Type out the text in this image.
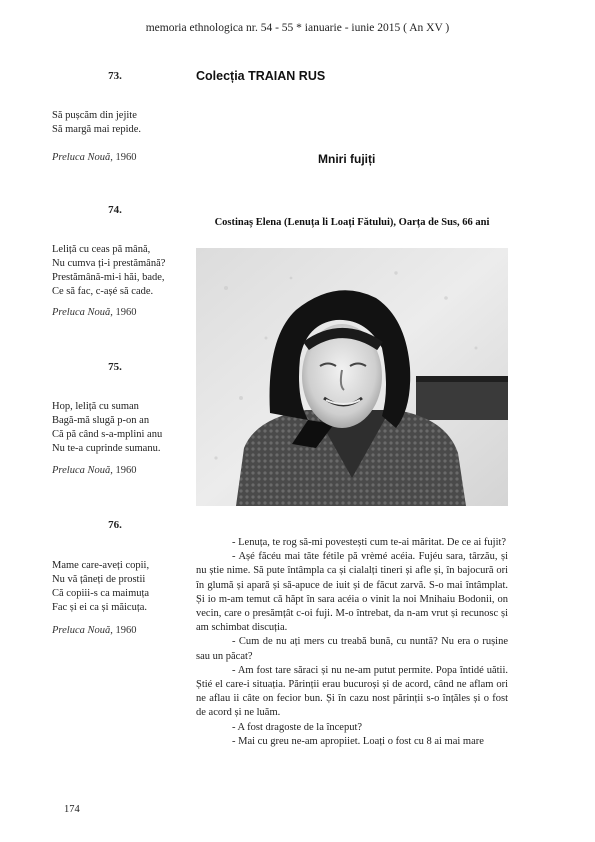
memoria ethnologica nr. 54 - 55 * ianuarie - iunie 2015 ( An XV )
73.	Colecția TRAIAN RUS
Să pușcăm din jejite
Să margă mai repide.
Preluca Nouă, 1960	Mniri fujiți
74.
Costinaș Elena (Lenuța li Loați Fătului), Oarța de Sus, 66 ani
Leliță cu ceas pă mână,
Nu cumva ți-i prestămână?
Prestămână-mi-i hăi, bade,
Ce să fac, c-așé să cade.
Preluca Nouă, 1960
75.
Hop, leliță cu suman
Bagă-mă slugă p-on an
Că pă când s-a-mplini anu
Nu te-a cuprinde sumanu.
Preluca Nouă, 1960
76.
Mame care-aveți copii,
Nu vă țâneți de prostii
Că copiii-s ca maimuța
Fac și ei ca și măicuța.
Preluca Nouă, 1960

- Lenuța, te rog să-mi povestești cum te-ai măritat. De ce ai fujit?

- Așé făcéu mai tăte fétile pă vrèmé acéia. Fujéu sara, târzău, și nu știe nime. Să pute întâmpla ca și cialalți tineri și afle și, în bajocură ori în glumă și apară și să-apuce de iuit și de făcut zarvă. S-o mai întâmplat. Și io m-am temut că hăpt în sara acéia o vinit la noi Mnihaiu Bodonii, on vecin, care o presămțât c-oi fuji. M-o întrebat, da n-am vrut și recunosc și am schimbat discuția.

- Cum de nu ați mers cu treabă bună, cu nuntă? Nu era o rușine sau un păcat?

- Am fost tare săraci și nu ne-am putut permite. Popa întidé uătii. Știé el care-i situația. Părinții erau bucuroși și de acord, când ne aflam ori ne aflau ii câte on fecior bun. Și în cazu nost părinții s-o înțăles și o fost de acord și ne luăm.

- A fost dragoste de la început?

- Mai cu greu ne-am apropiiet. Loați o fost cu 8 ai mai mare

174
